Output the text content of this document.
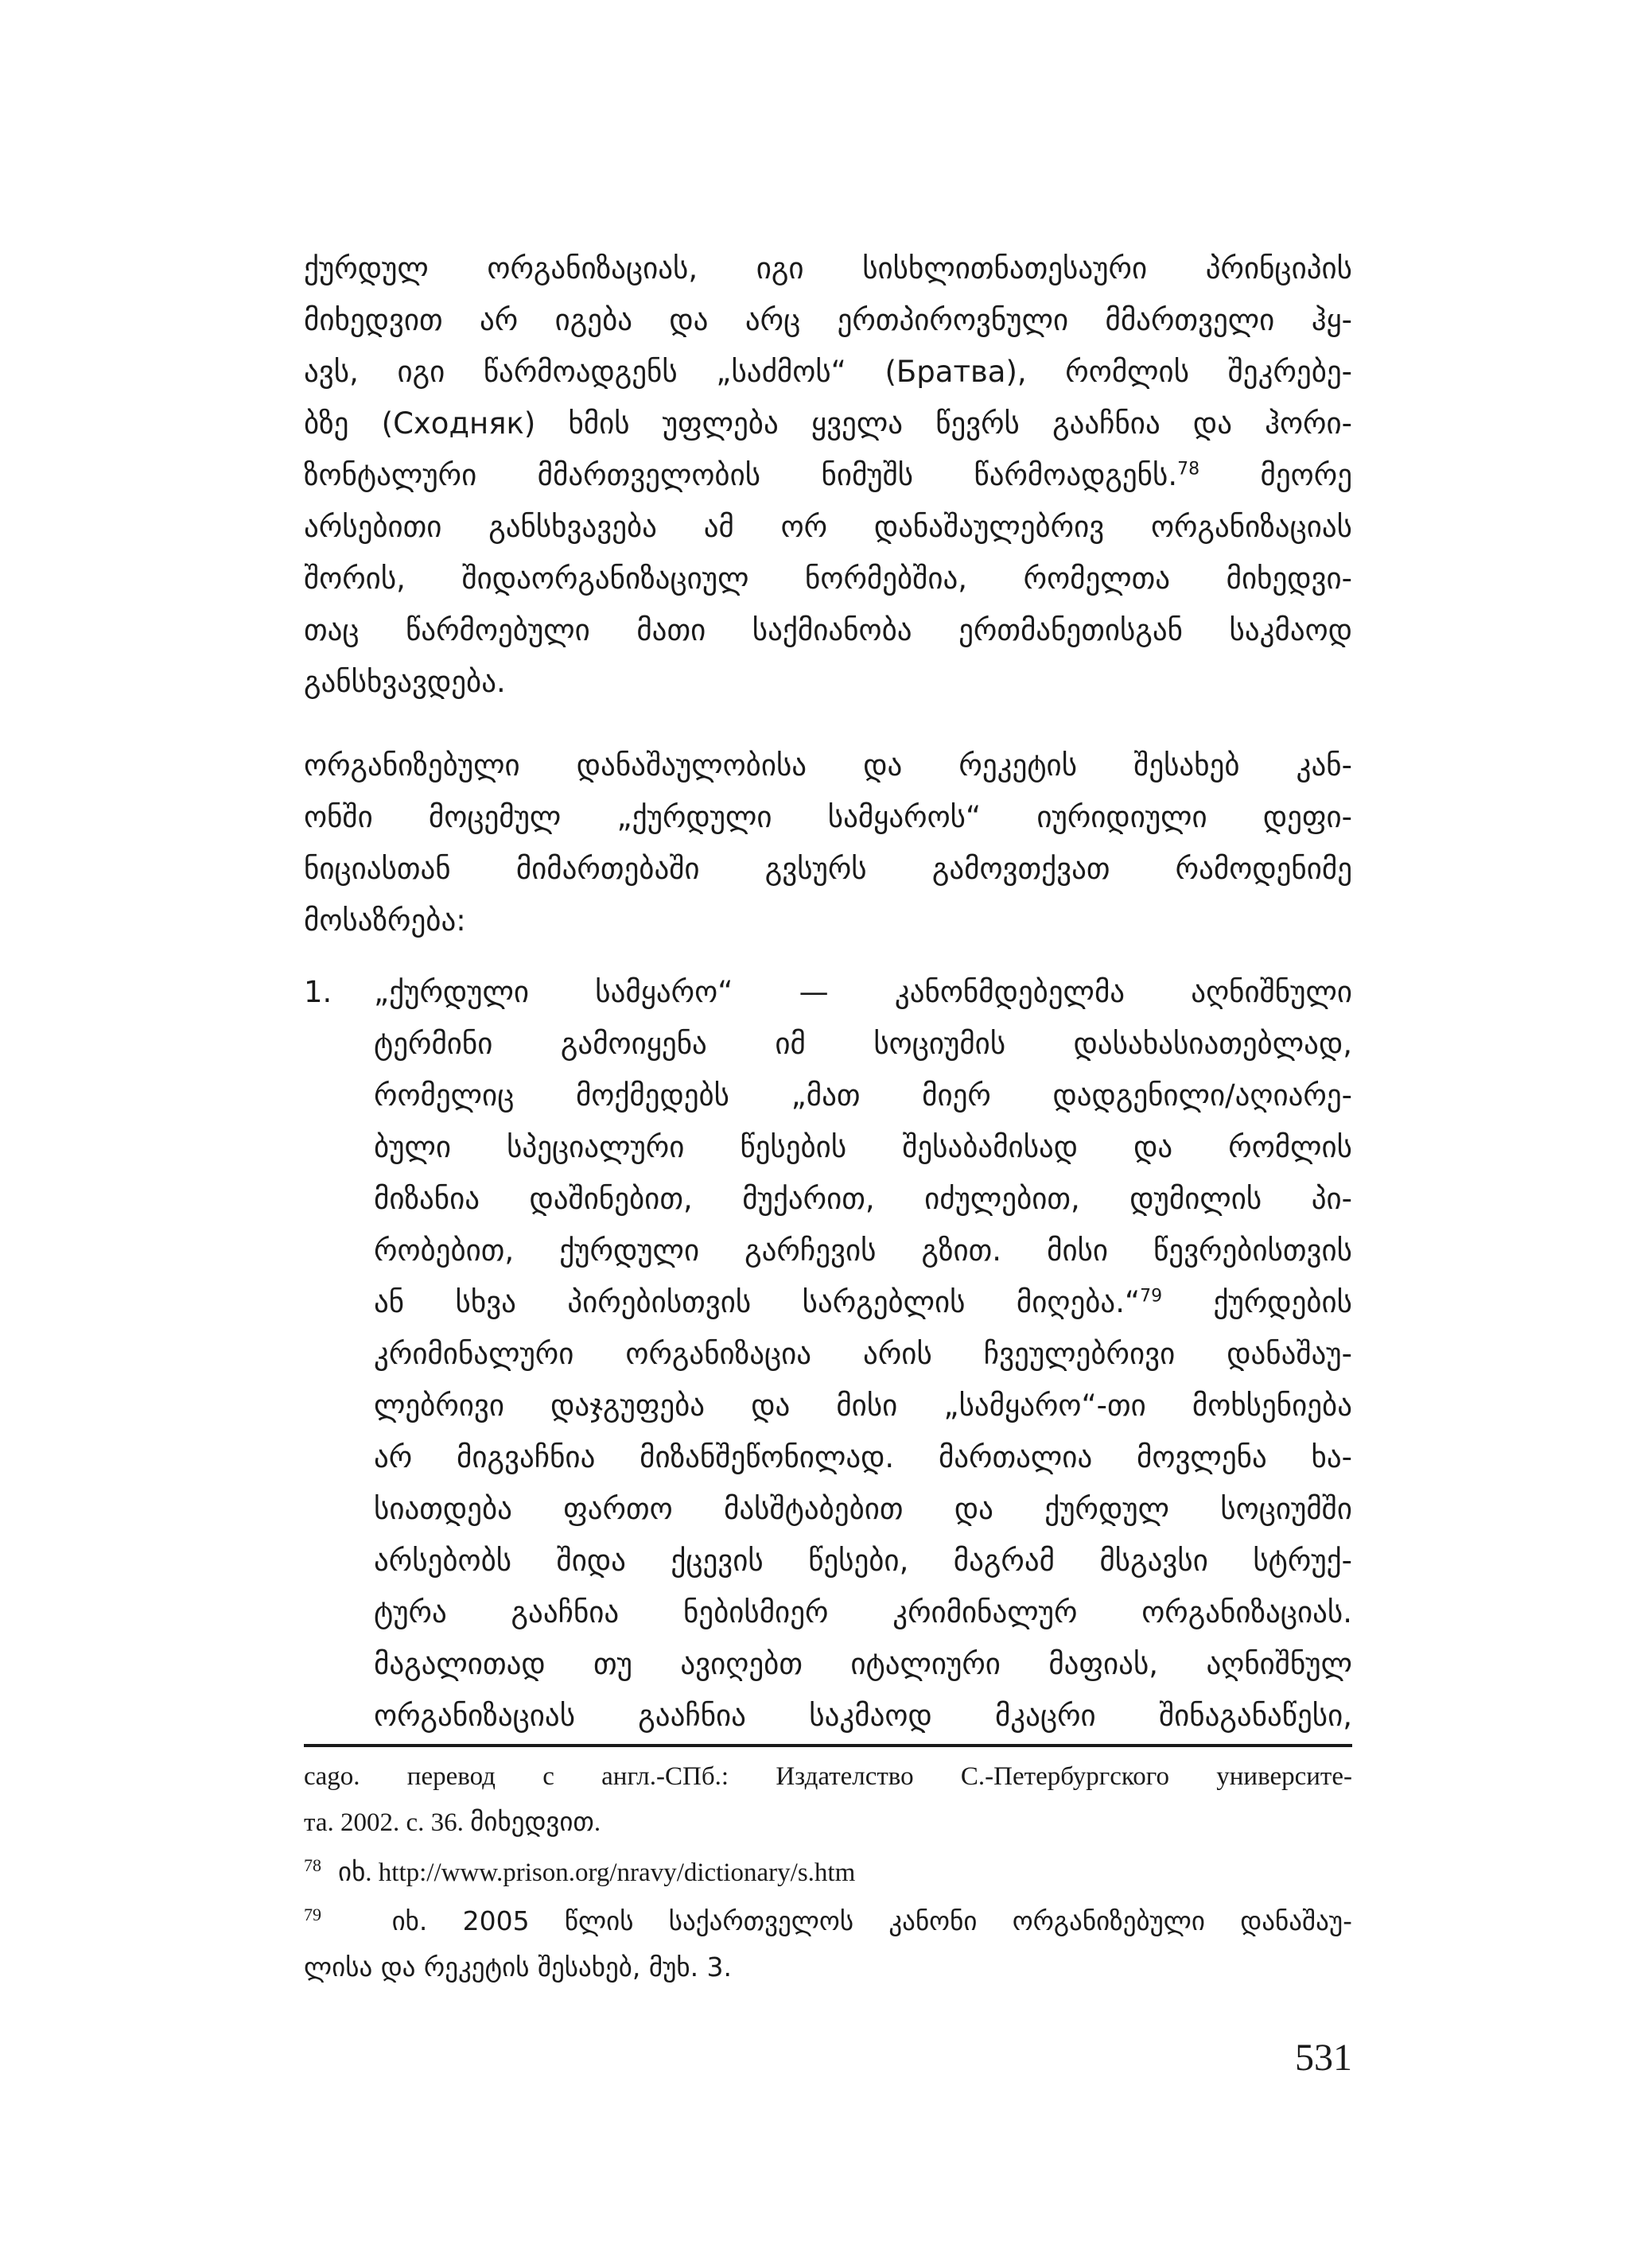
ქურდულ ორგანიზაციას, იგი სისხლითნათესაური პრინციპის
მიხედვით არ იგება და არც ერთპიროვნული მმართველი ჰყ-
ავს, იგი წარმოადგენს „საძმოს“ (Братва), რომლის შეკრებე-
ბზე (Сходняк) ხმის უფლება ყველა წევრს გააჩნია და ჰორი-
ზონტალური მმართველობის ნიმუშს წარმოადგენს.$^{78}$ მეორე
არსებითი განსხვავება ამ ორ დანაშაულებრივ ორგანიზაციას
შორის, შიდაორგანიზაციულ ნორმებშია, რომელთა მიხედვი-
თაც წარმოებული მათი საქმიანობა ერთმანეთისგან საკმაოდ
განსხვავდება.
ორგანიზებული დანაშაულობისა და რეკეტის შესახებ კან-
ონში მოცემულ „ქურდული სამყაროს“ იურიდიული დეფი-
ნიციასთან მიმართებაში გვსურს გამოვთქვათ რამოდენიმე
მოსაზრება:
1. „ქურდული სამყარო“ — კანონმდებელმა აღნიშნული
ტერმინი გამოიყენა იმ სოციუმის დასახასიათებლად,
რომელიც მოქმედებს „მათ მიერ დადგენილი/აღიარე-
ბული სპეციალური წესების შესაბამისად და რომლის
მიზანია დაშინებით, მუქარით, იძულებით, დუმილის პი-
რობებით, ქურდული გარჩევის გზით. მისი წევრებისთვის
ან სხვა პირებისთვის სარგებლის მიღება.“$^{79}$ ქურდების
კრიმინალური ორგანიზაცია არის ჩვეულებრივი დანაშაუ-
ლებრივი დაჯგუფება და მისი „სამყარო“-თი მოხსენიება
არ მიგვაჩნია მიზანშეწონილად. მართალია მოვლენა ხა-
სიათდება ფართო მასშტაბებით და ქურდულ სოციუმში
არსებობს შიდა ქცევის წესები, მაგრამ მსგავსი სტრუქ-
ტურა გააჩნია ნებისმიერ კრიმინალურ ორგანიზაციას.
მაგალითად თუ ავიღებთ იტალიური მაფიას, აღნიშნულ
ორგანიზაციას გააჩნია საკმაოდ მკაცრი შინაგანაწესი,
cago. перевод с англ.-СПб.: Издателство С.-Петербургского университе-
та. 2002. с. 36. მიხედვით.
$^{78}$ იხ. http://www.prison.org/nravy/dictionary/s.htm
$^{79}$	იხ. 2005 წლის საქართველოს კანონი ორგანიზებული დანაშაუ-
ლისა და რეკეტის შესახებ, მუხ. 3.
531
